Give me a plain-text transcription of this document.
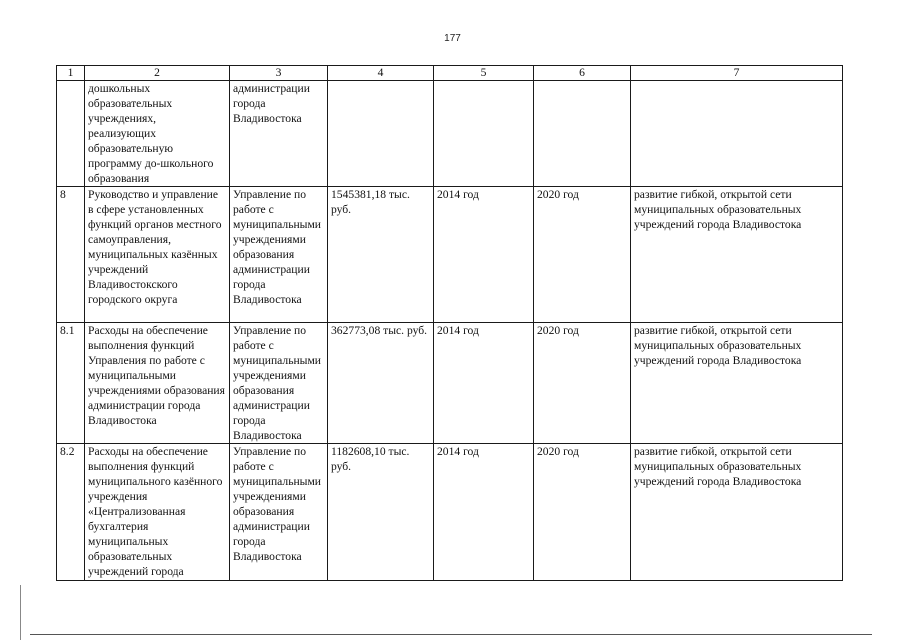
177
1	2	3	4	5	6	7
	дошкольных образовательных учреждениях, реализующих образовательную программу до-школьного образования	администрации города Владивостока				
8	Руководство и управление в сфере установленных функций органов местного самоуправления, муниципальных казённых учреждений Владивостокского городского округа	Управление по работе с муниципальными учреждениями образования администрации города Владивостока	1545381,18 тыс. руб.	2014 год	2020 год	развитие гибкой, открытой сети муниципальных образовательных учреждений города Владивостока
8.1	Расходы на обеспечение выполнения функций Управления по работе с муниципальными учреждениями образования администрации города Владивостока	Управление по работе с муниципальными учреждениями образования администрации города Владивостока	362773,08 тыс. руб.	2014 год	2020 год	развитие гибкой, открытой сети муниципальных образовательных учреждений города Владивостока
8.2	Расходы на обеспечение выполнения функций муниципального казённого учреждения «Централизованная бухгалтерия муниципальных образовательных учреждений города	Управление по работе с муниципальными учреждениями образования администрации города Владивостока	1182608,10 тыс. руб.	2014 год	2020 год	развитие гибкой, открытой сети муниципальных образовательных учреждений города Владивостока
